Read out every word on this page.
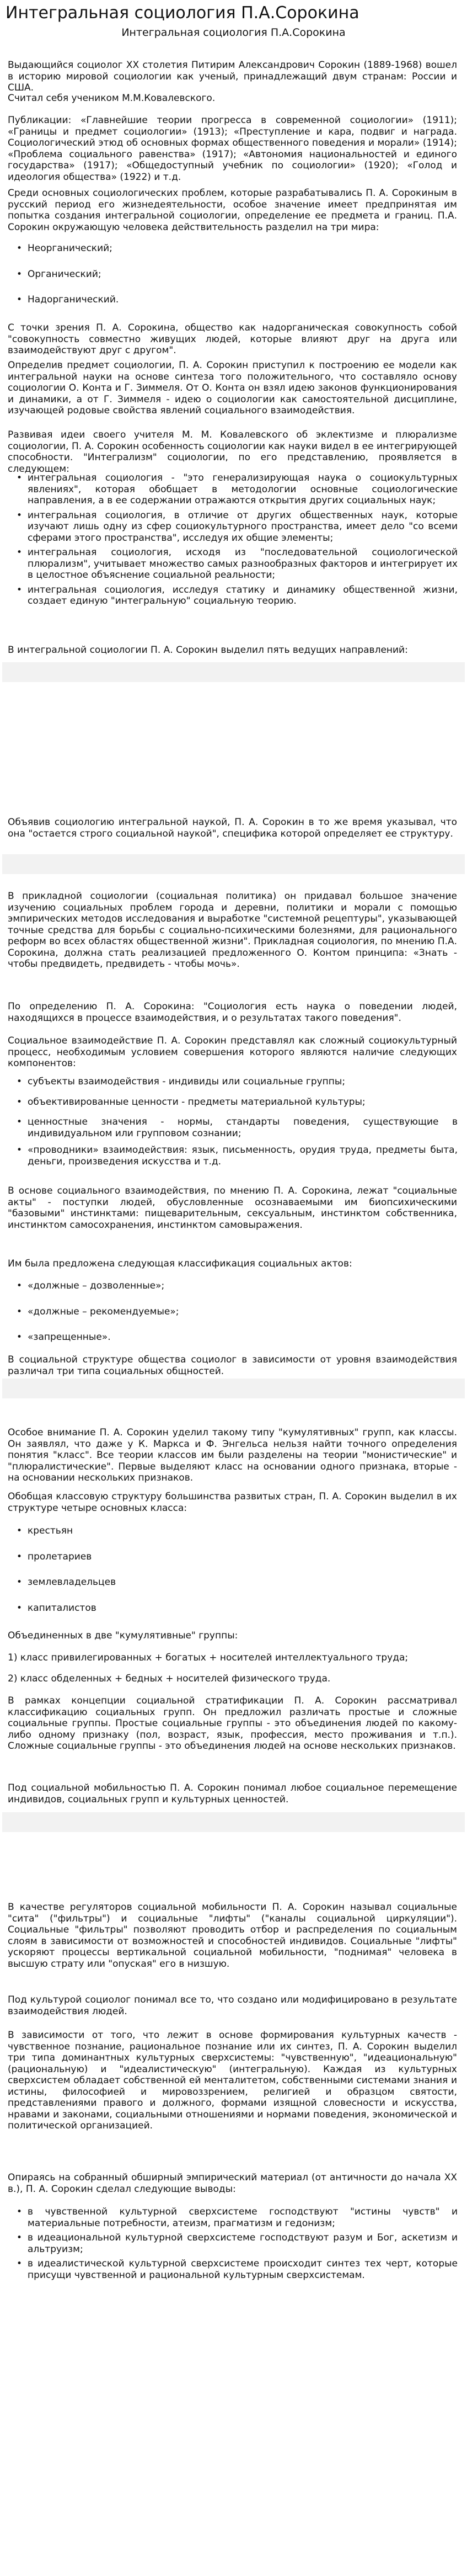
Интегральная социология П.А.Сорокина
Интегральная социология П.А.Сорокина

Выдающийся социолог XX столетия Питирим Александрович Сорокин (1889-1968) вошел в историю мировой социологии как ученый, принадлежащий двум странам: России и США.

Считал себя учеником М.М.Ковалевского.

Публикации: «Главнейшие теории прогресса в современной социологии» (1911); «Границы и предмет социологии» (1913); «Преступление и кара, подвиг и награда. Социологический этюд об основных формах общественного поведения и морали» (1914); «Проблема социального равенства» (1917); «Автономия национальностей и единого государства» (1917); «Общедоступный учебник по социологии» (1920); «Голод и идеология общества» (1922) и т.д.

Среди основных социологических проблем, которые разрабатывались П. А. Сорокиным в русский период его жизнедеятельности, особое значение имеет предпринятая им попытка создания интегральной социологии, определение ее предмета и границ. П.А. Сорокин окружающую человека действительность разделил на три мира:

• Неорганический;
• Органический;
• Надорганический.

С точки зрения П. А. Сорокина, общество как надорганическая совокупность собой "совокупность совместно живущих людей, которые влияют друг на друга или взаимодействуют друг с другом".

Определив предмет социологии, П. А. Сорокин приступил к построению ее модели как интегральной науки на основе синтеза того положительного, что составляло основу социологии О. Конта и Г. Зиммеля. От О. Конта он взял идею законов функционирования и динамики, а от Г. Зиммеля - идею о социологии как самостоятельной дисциплине, изучающей родовые свойства явлений социального взаимодействия.

Развивая идеи своего учителя М. М. Ковалевского об эклектизме и плюрализме социологии, П. А. Сорокин особенность социологии как науки видел в ее интегрирующей способности. "Интегрализм" социологии, по его представлению, проявляется в следующем:

• интегральная социология - "это генерализирующая наука о социокультурных явлениях", которая обобщает в методологии основные социологические направления, а в ее содержании отражаются открытия других социальных наук;
• интегральная социология, в отличие от других общественных наук, которые изучают лишь одну из сфер социокультурного пространства, имеет дело "со всеми сферами этого пространства", исследуя их общие элементы;
• интегральная социология, исходя из "последовательной социологической плюрализм", учитывает множество самых разнообразных факторов и интегрирует их в целостное объяснение социальной реальности;
• интегральная социология, исследуя статику и динамику общественной жизни, создает единую "интегральную" социальную теорию.

В интегральной социологии П. А. Сорокин выделил пять ведущих направлений:

Объявив социологию интегральной наукой, П. А. Сорокин в то же время указывал, что она "остается строго социальной наукой", специфика которой определяет ее структуру.

В прикладной социологии (социальная политика) он придавал большое значение изучению социальных проблем города и деревни, политики и морали с помощью эмпирических методов исследования и выработке "системной рецептуры", указывающей точные средства для борьбы с социально-психическими болезнями, для рационального реформ во всех областях общественной жизни". Прикладная социология, по мнению П.А. Сорокина, должна стать реализацией предложенного О. Контом принципа: «Знать - чтобы предвидеть, предвидеть - чтобы мочь».

По определению П. А. Сорокина: "Социология есть наука о поведении людей, находящихся в процессе взаимодействия, и о результатах такого поведения".

Социальное взаимодействие П. А. Сорокин представлял как сложный социокультурный процесс, необходимым условием совершения которого являются наличие следующих компонентов:

• субъекты взаимодействия - индивиды или социальные группы;
• объективированные ценности - предметы материальной культуры;
• ценностные значения - нормы, стандарты поведения, существующие в индивидуальном или групповом сознании;
• «проводники» взаимодействия: язык, письменность, орудия труда, предметы быта, деньги, произведения искусства и т.д.

В основе социального взаимодействия, по мнению П. А. Сорокина, лежат "социальные акты" - поступки людей, обусловленные осознаваемыми им биопсихическими "базовыми" инстинктами: пищеварительным, сексуальным, инстинктом собственника, инстинктом самосохранения, инстинктом самовыражения.

Им была предложена следующая классификация социальных актов:

• «должные – дозволенные»;
• «должные – рекомендуемые»;
• «запрещенные».

В социальной структуре общества социолог в зависимости от уровня взаимодействия различал три типа социальных общностей.

Особое внимание П. А. Сорокин уделил такому типу "кумулятивных" групп, как классы. Он заявлял, что даже у К. Маркса и Ф. Энгельса нельзя найти точного определения понятия "класс". Все теории классов им были разделены на теории "монистические" и "плюралистические". Первые выделяют класс на основании одного признака, вторые - на основании нескольких признаков.

Обобщая классовую структуру большинства развитых стран, П. А. Сорокин выделил в их структуре четыре основных класса:

• крестьян
• пролетариев
• землевладельцев
• капиталистов

Объединенных в две "кумулятивные" группы:

1) класс привилегированных + богатых + носителей интеллектуального труда;

2) класс обделенных + бедных + носителей физического труда.

В рамках концепции социальной стратификации П. А. Сорокин рассматривал классификацию социальных групп. Он предложил различать простые и сложные социальные группы. Простые социальные группы - это объединения людей по какому-либо одному признаку (пол, возраст, язык, профессия, место проживания и т.п.). Сложные социальные группы - это объединения людей на основе нескольких признаков.

Под социальной мобильностью П. А. Сорокин понимал любое социальное перемещение индивидов, социальных групп и культурных ценностей.

В качестве регуляторов социальной мобильности П. А. Сорокин называл социальные "сита" ("фильтры") и социальные "лифты" ("каналы социальной циркуляции"). Социальные "фильтры" позволяют проводить отбор и распределения по социальным слоям в зависимости от возможностей и способностей индивидов. Социальные "лифты" ускоряют процессы вертикальной социальной мобильности, "поднимая" человека в высшую страту или "опуская" его в низшую.

Под культурой социолог понимал все то, что создано или модифицировано в результате взаимодействия людей.

В зависимости от того, что лежит в основе формирования культурных качеств - чувственное познание, рациональное познание или их синтез, П. А. Сорокин выделил три типа доминантных культурных сверхсистемы: "чувственную", "идеациональную" (рациональную) и "идеалистическую" (интегральную). Каждая из культурных сверхсистем обладает собственной ей менталитетом, собственными системами знания и истины, философией и мировоззрением, религией и образцом святости, представлениями правого и должного, формами изящной словесности и искусства, нравами и законами, социальными отношениями и нормами поведения, экономической и политической организацией.

Опираясь на собранный обширный эмпирический материал (от античности до начала XX в.), П. А. Сорокин сделал следующие выводы:

• в чувственной культурной сверхсистеме господствуют "истины чувств" и материальные потребности, атеизм, прагматизм и гедонизм;
• в идеациональной культурной сверхсистеме господствуют разум и Бог, аскетизм и альтруизм;
• в идеалистической культурной сверхсистеме происходит синтез тех черт, которые присущи чувственной и рациональной культурным сверхсистемам.
